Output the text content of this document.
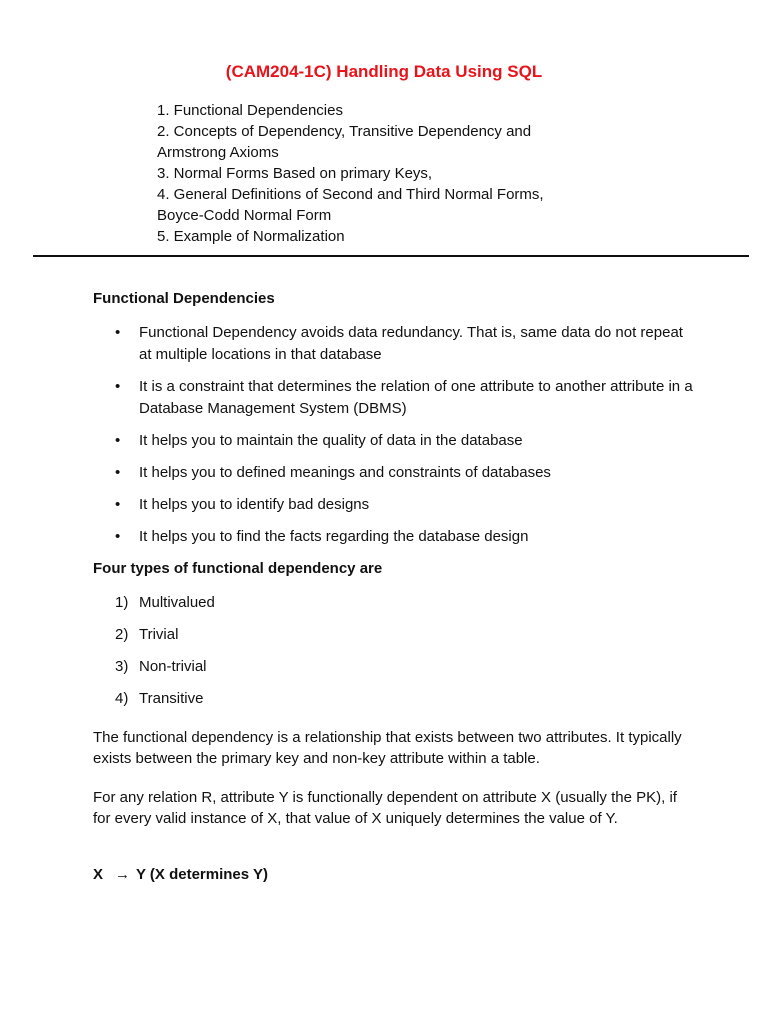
(CAM204-1C) Handling Data Using SQL
1. Functional Dependencies
2. Concepts of Dependency, Transitive Dependency and
Armstrong Axioms
3. Normal Forms Based on primary Keys,
4. General Definitions of Second and Third Normal Forms,
Boyce-Codd Normal Form
5. Example of Normalization
Functional Dependencies
• Functional Dependency avoids data redundancy. That is, same data do not repeat at multiple locations in that database
• It is a constraint that determines the relation of one attribute to another attribute in a Database Management System (DBMS)
• It helps you to maintain the quality of data in the database
• It helps you to defined meanings and constraints of databases
• It helps you to identify bad designs
• It helps you to find the facts regarding the database design
Four types of functional dependency are
1) Multivalued
2) Trivial
3) Non-trivial
4) Transitive
The functional dependency is a relationship that exists between two attributes. It typically exists between the primary key and non-key attribute within a table.
For any relation R, attribute Y is functionally dependent on attribute X (usually the PK), if for every valid instance of X, that value of X uniquely determines the value of Y.
X → Y (X determines Y)
